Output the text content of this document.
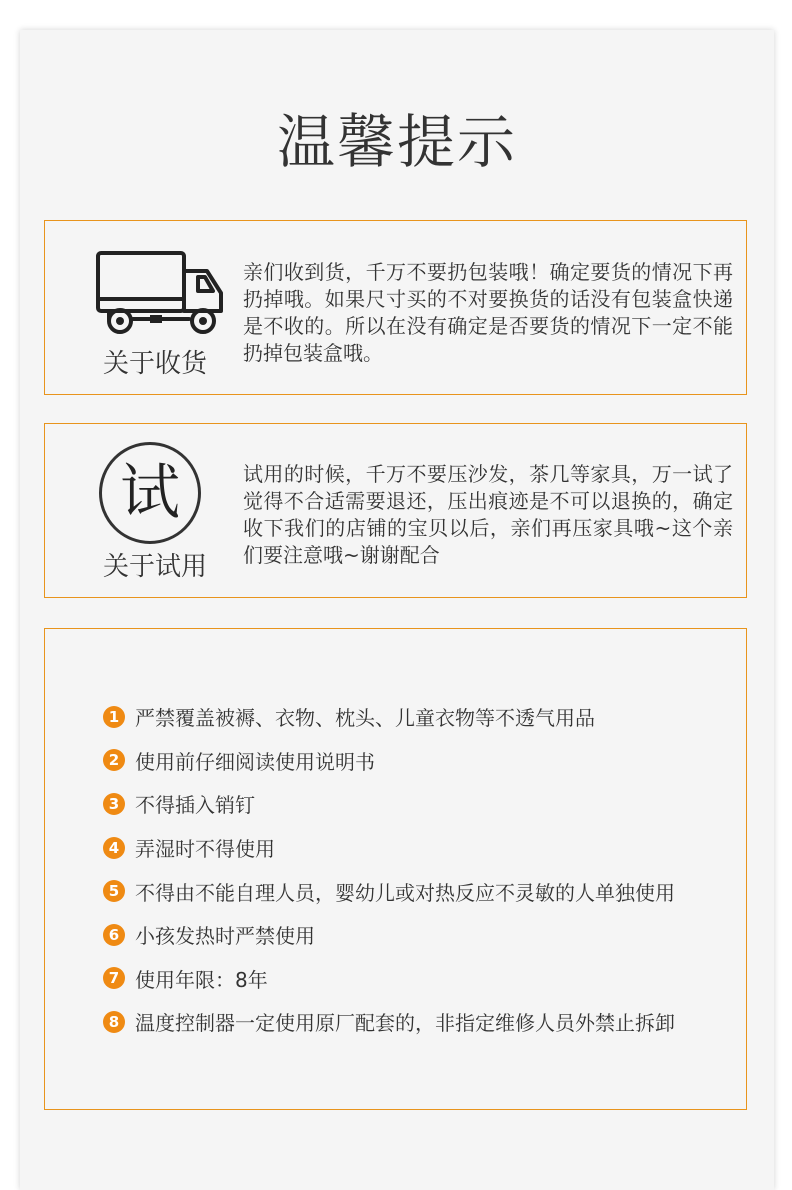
温馨提示
关于收货
亲们收到货，千万不要扔包装哦！确定要货的情况下再扔掉哦。如果尺寸买的不对要换货的话没有包装盒快递是不收的。所以在没有确定是否要货的情况下一定不能扔掉包装盒哦。
试
关于试用
试用的时候，千万不要压沙发，茶几等家具，万一试了觉得不合适需要退还，压出痕迹是不可以退换的，确定收下我们的店铺的宝贝以后，亲们再压家具哦~这个亲们要注意哦~谢谢配合
1 严禁覆盖被褥、衣物、枕头、儿童衣物等不透气用品
2 使用前仔细阅读使用说明书
3 不得插入销钉
4 弄湿时不得使用
5 不得由不能自理人员，婴幼儿或对热反应不灵敏的人单独使用
6 小孩发热时严禁使用
7 使用年限：8年
8 温度控制器一定使用原厂配套的，非指定维修人员外禁止拆卸
